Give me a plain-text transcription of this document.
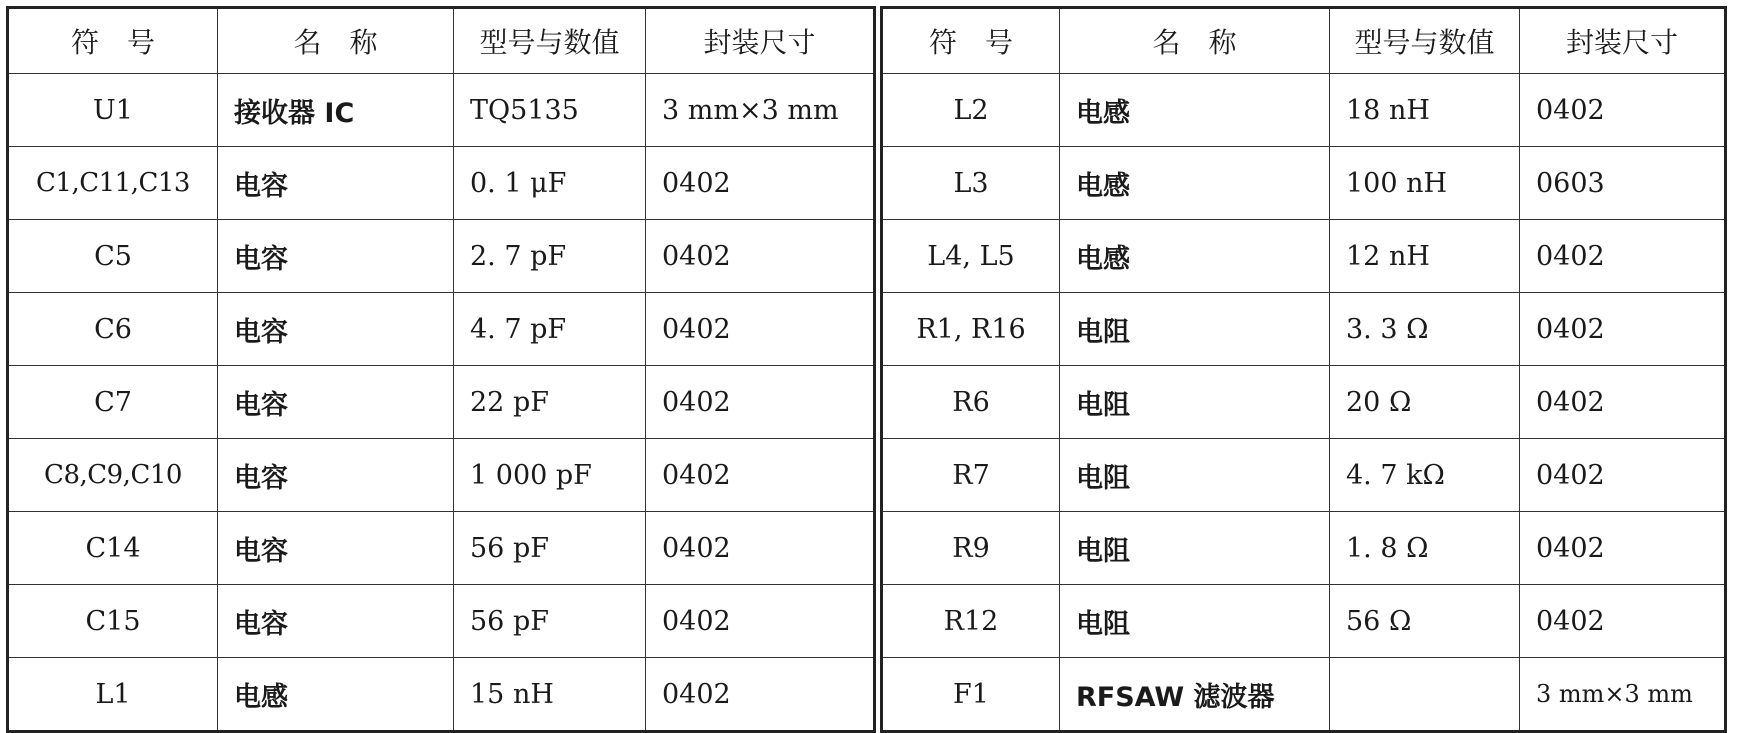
符　号	名　称	型号与数值	封装尺寸
U1	接收器 IC	TQ5135	3 mm×3 mm
C1,C11,C13	电容	0. 1 μF	0402
C5	电容	2. 7 pF	0402
C6	电容	4. 7 pF	0402
C7	电容	22 pF	0402
C8,C9,C10	电容	1 000 pF	0402
C14	电容	56 pF	0402
C15	电容	56 pF	0402
L1	电感	15 nH	0402
符　号	名　称	型号与数值	封装尺寸
L2	电感	18 nH	0402
L3	电感	100 nH	0603
L4, L5	电感	12 nH	0402
R1, R16	电阻	3. 3 Ω	0402
R6	电阻	20 Ω	0402
R7	电阻	4. 7 kΩ	0402
R9	电阻	1. 8 Ω	0402
R12	电阻	56 Ω	0402
F1	RFSAW 滤波器		3 mm×3 mm
